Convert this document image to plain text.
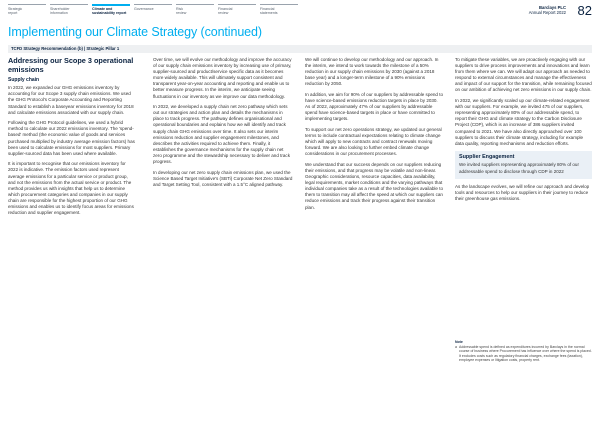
Strategic
report
Shareholder
information
Climate and
sustainability report
Governance	Risk
review
Financial
review
Financial
statements
Barclays PLC
Annual Report 2022 82
Implementing our Climate Strategy (continued)
TCFD Strategy Recommendation (b) | Strategic Pillar 1
Addressing our Scope 3 operational emissions
Supply chain

In 2022, we expanded our GHG emissions inventory by accounting for our Scope 3 supply chain emissions. We used the GHG Protocol's Corporate Accounting and Reporting Standard to establish a baseyear emissions inventory for 2018 and calculate emissions associated with our supply chain.

Following the GHG Protocol guidelines, we used a hybrid method to calculate our 2022 emissions inventory. The 'spend-based' method (the economic value of goods and services purchased multiplied by industry average emission factors) has been used to calculate emissions for most suppliers. Primary supplier-sourced data has been used where available.

It is important to recognise that our emissions inventory for 2022 is indicative. The emission factors used represent average emissions for a particular service or product group, and not the emissions from the actual service or product. The method provides us with insights that help us to determine which procurement categories and companies in our supply chain are responsible for the highest proportion of our GHG emissions and enables us to identify focus areas for emissions reduction and supplier engagement.

Over time, we will evolve our methodology and improve the accuracy of our supply chain emissions inventory by increasing use of primary, supplier-sourced and product/service specific data as it becomes more widely available. This will ultimately support consistent and transparent year-on-year accounting and reporting and enable us to better measure progress. In the interim, we anticipate seeing fluctuations in our inventory as we improve our data methodology.

In 2022, we developed a supply chain net zero pathway which sets out our strategies and action plan and details the mechanisms in place to track progress. The pathway defines organisational and operational boundaries and explains how we will identify and track supply chain GHG emissions over time. It also sets our interim emissions reduction and supplier engagement milestones, and describes the activities required to achieve them. Finally, it establishes the governance mechanisms for the supply chain net zero programme and the stewardship necessary to deliver and track progress.

In developing our net zero supply chain emissions plan, we used the Science Based Target Initiative's (SBTi) Corporate Net Zero Standard and Target Setting Tool, consistent with a 1.5°C aligned pathway.

We will continue to develop our methodology and our approach. In the interim, we intend to work towards the milestone of a 50% reduction in our supply chain emissions by 2030 (against a 2018 base year) and a longer-term milestone of a 90% emissions reduction by 2050.

In addition, we aim for 90% of our suppliers by addressable spend to have science-based emissions reduction targets in place by 2030. As of 2022, approximately 47% of our suppliers by addressable spend have science-based targets in place or have committed to implementing targets.

To support our net zero operations strategy, we updated our general terms to include contractual expectations relating to climate change which will apply to new contracts and contract renewals moving forward. We are also looking to further embed climate change considerations in our procurement processes.

We understand that our success depends on our suppliers reducing their emissions, and that progress may be volatile and non-linear. Geographic considerations, resource capacities, data availability, legal requirements, market conditions and the varying pathways that individual companies take as a result of the technologies available to them to transition may all affect the speed at which our suppliers can reduce emissions and track their progress against their transition plan.

To mitigate these variables, we are proactively engaging with our suppliers to drive process improvements and innovations and learn from them where we can. We will adapt our approach as needed to respond to external circumstances and manage the effectiveness and impact of our support for the transition, while remaining focused on our ambition of achieving net zero emissions in our supply chain.

In 2022, we significantly scaled up our climate-related engagement with our suppliers. For example, we invited 475 of our suppliers, representing approximately 80% of our addressable spend, to report their GHG and climate strategy to the Carbon Disclosure Project (CDP), which is an increase of 386 suppliers invited compared to 2021. We have also directly approached over 100 suppliers to discuss their climate strategy, including for example data quality, reporting mechanisms and reduction efforts.

Supplier Engagement

We invited suppliers representing approximately 80% of our addressable spend to disclose through CDP in 2022

As the landscape evolves, we will refine our approach and develop tools and resources to help our suppliers in their journey to reduce their greenhouse gas emissions.

Note
a Addressable spend is defined as expenditures incurred by Barclays in the normal course of business where Procurement has influence over where the spend is placed. It excludes costs such as regulatory financial charges, exchange fees (taxation), employee expenses or litigation costs, property rent.
